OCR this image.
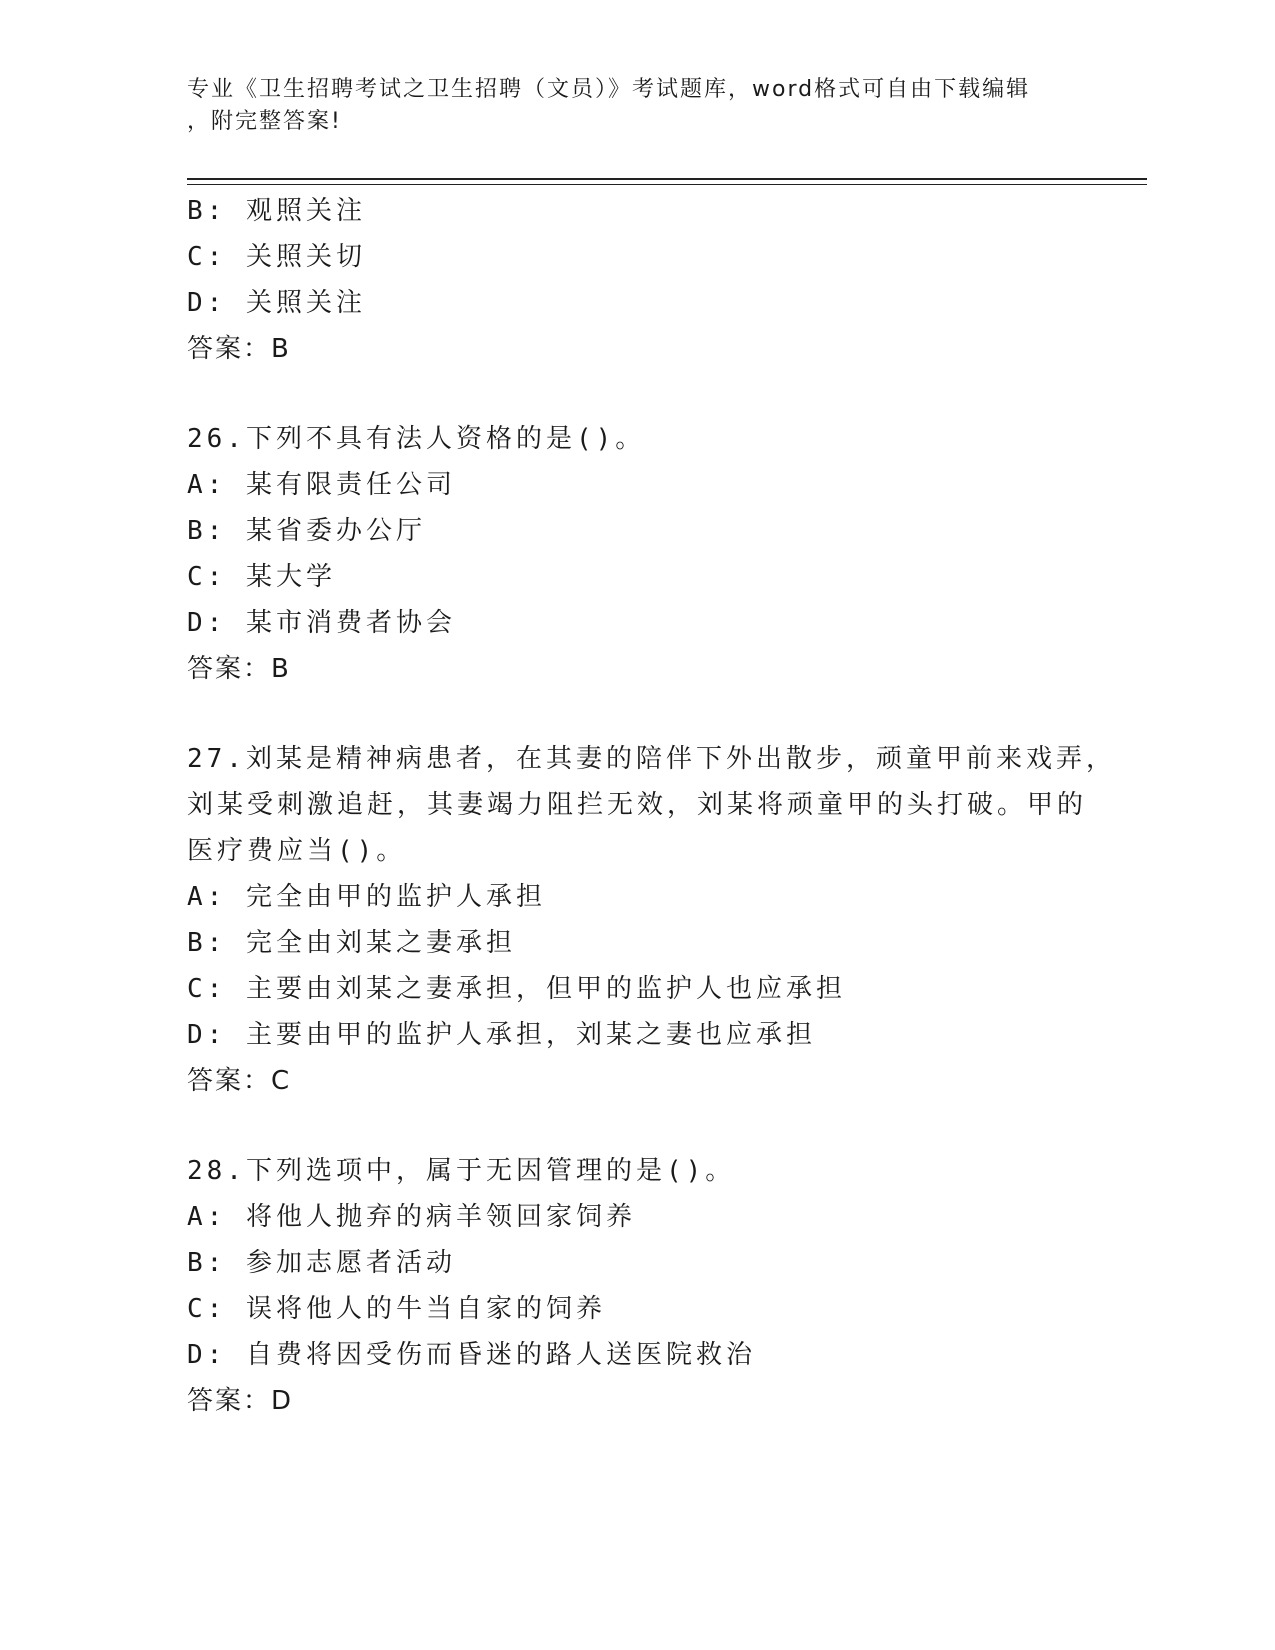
专业《卫生招聘考试之卫生招聘（文员）》考试题库，word格式可自由下载编辑
，附完整答案!
B: 观照关注
C: 关照关切
D: 关照关注
答案：B
26.下列不具有法人资格的是()。
A: 某有限责任公司
B: 某省委办公厅
C: 某大学
D: 某市消费者协会
答案：B
27.刘某是精神病患者，在其妻的陪伴下外出散步，顽童甲前来戏弄，
刘某受刺激追赶，其妻竭力阻拦无效，刘某将顽童甲的头打破。甲的
医疗费应当()。
A: 完全由甲的监护人承担
B: 完全由刘某之妻承担
C: 主要由刘某之妻承担，但甲的监护人也应承担
D: 主要由甲的监护人承担，刘某之妻也应承担
答案：C
28.下列选项中，属于无因管理的是()。
A: 将他人抛弃的病羊领回家饲养
B: 参加志愿者活动
C: 误将他人的牛当自家的饲养
D: 自费将因受伤而昏迷的路人送医院救治
答案：D
